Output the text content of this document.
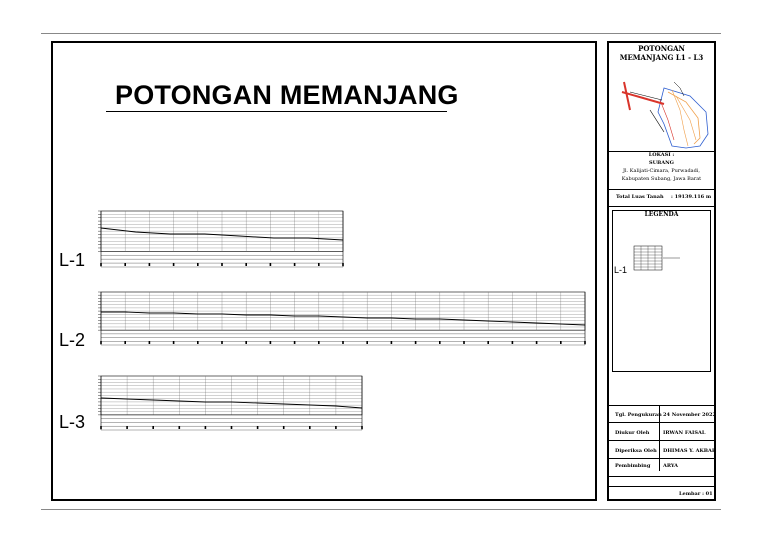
POTONGAN MEMANJANG
L-1
L-2
L-3
POTONGAN
MEMANJANG L1 - L3
LOKASI :
SUBANG
Jl. Kalijati-Cimara, Purwadadi,
Kabupaten Subang, Jawa Barat
Total Luas Tanah : 19139.116 m
LEGENDA
L-1
Tgl. Pengukuran 24 November 2022
Diukur Oleh	IRWAN FAISAL
Diperiksa Oleh DHIMAS Y. AKBAR
Pembimbing	ARYA
Lembar : 01
